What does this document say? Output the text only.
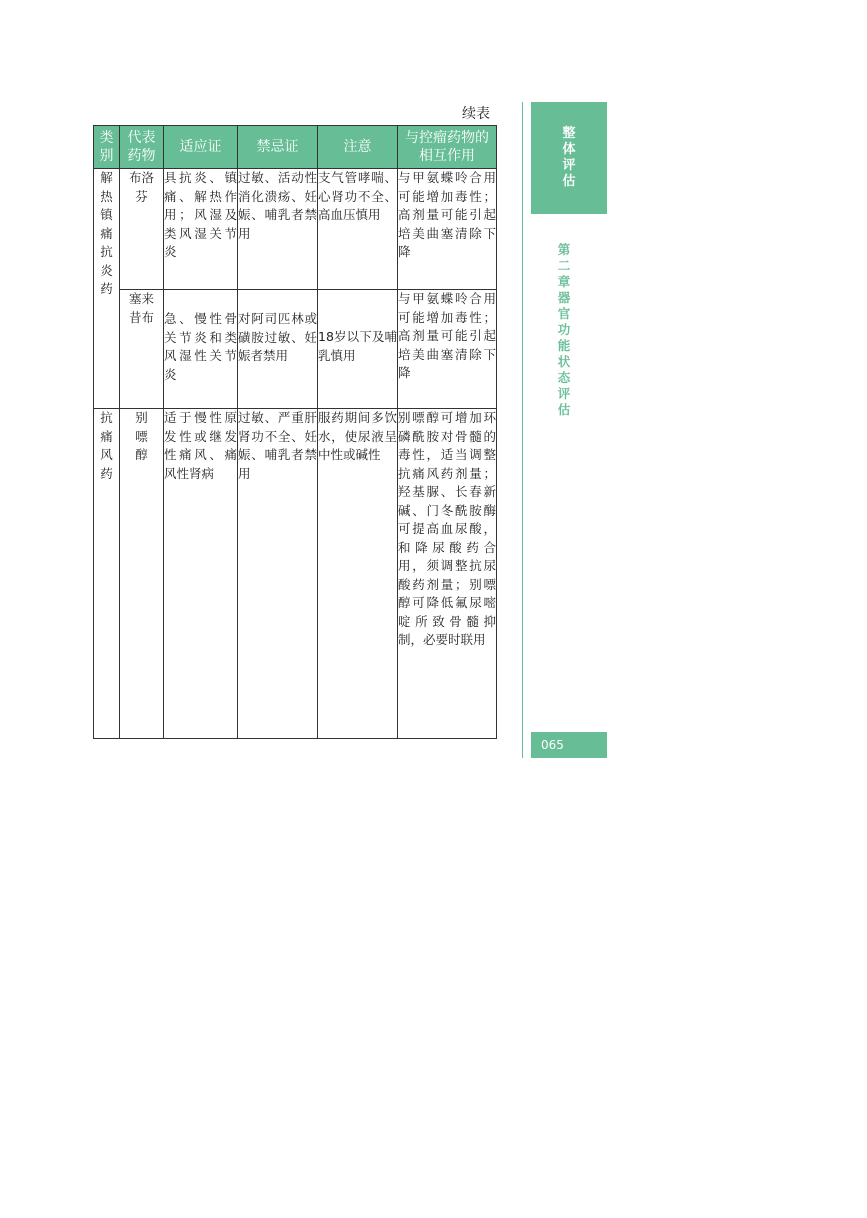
续表
类别	代表药物	适应证	禁忌证	注意	与控瘤药物的相互作用
解热镇痛抗炎药	布洛芬	具抗炎、镇痛、解热作用；风湿及类风湿关节炎	过敏、活动性消化溃疡、妊娠、哺乳者禁用	支气管哮喘、心肾功不全、高血压慎用	与甲氨蝶呤合用可能增加毒性；高剂量可能引起培美曲塞清除下降
	塞来昔布	急、慢性骨关节炎和类风湿性关节炎	对阿司匹林或磺胺过敏、妊娠者禁用	18岁以下及哺乳慎用	与甲氨蝶呤合用可能增加毒性；高剂量可能引起培美曲塞清除下降
抗痛风药	别嘌醇	适于慢性原发性或继发性痛风、痛风性肾病	过敏、严重肝肾功不全、妊娠、哺乳者禁用	服药期间多饮水，使尿液呈中性或碱性	别嘌醇可增加环磷酰胺对骨髓的毒性，适当调整抗痛风药剂量；羟基脲、长春新碱、门冬酰胺酶可提高血尿酸，和降尿酸药合用，须调整抗尿酸药剂量；别嘌醇可降低氟尿嘧啶所致骨髓抑制，必要时联用
整体评估
第二章 器官功能状态评估
065
